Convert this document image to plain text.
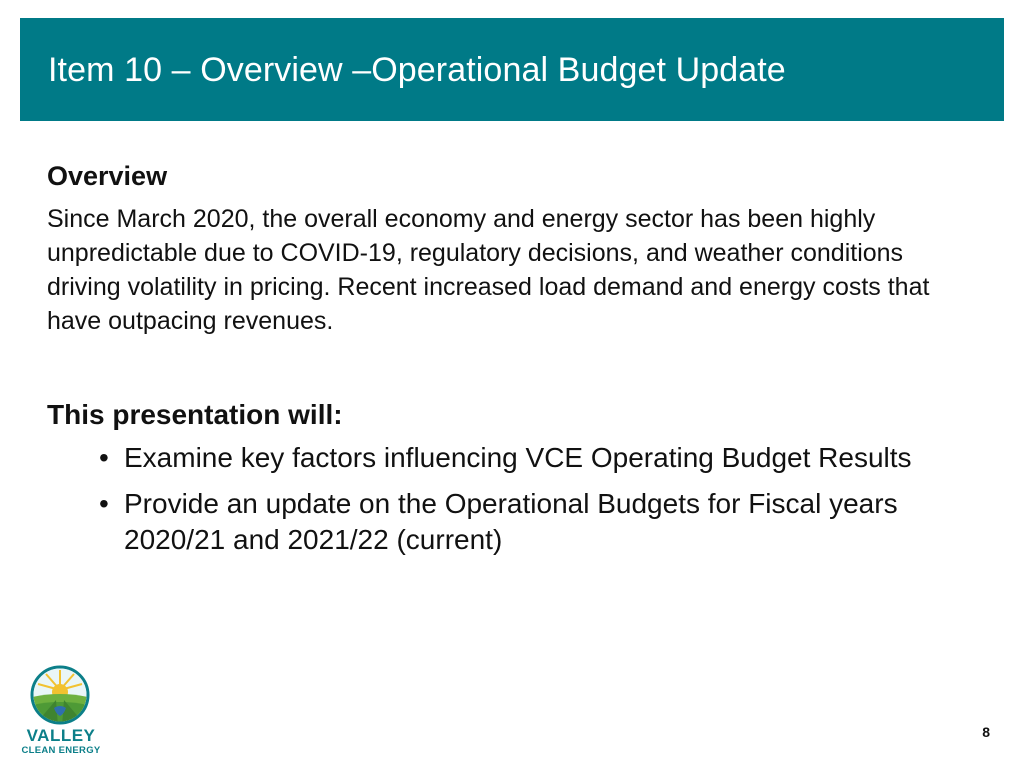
Item 10 – Overview –Operational Budget Update
Overview

Since March 2020, the overall economy and energy sector has been highly unpredictable due to COVID-19, regulatory decisions, and weather conditions driving volatility in pricing. Recent increased load demand and energy costs that have outpacing revenues.

This presentation will:
• Examine key factors influencing VCE Operating Budget Results
• Provide an update on the Operational Budgets for Fiscal years 2020/21 and 2021/22 (current)
VALLEY
CLEAN ENERGY
8
